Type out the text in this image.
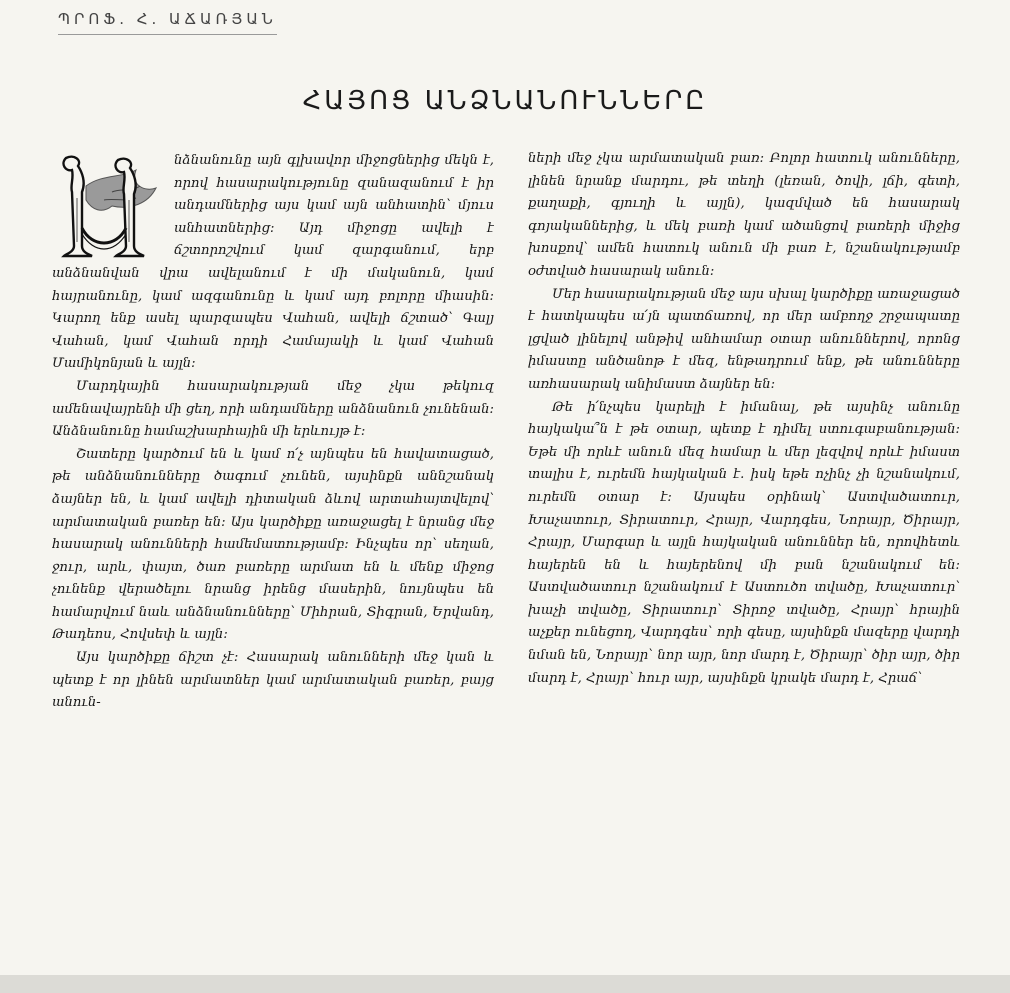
ՊՐՈՖ. Հ. ԱՃԱՌՅԱՆ
ՀԱՅՈՑ ԱՆՁՆԱՆՈՒՆՆԵՐԸ

նձնանունը այն գլխավոր միջոցներից մեկն է, որով հասարակությունը զանազանում է իր անդամներից այս կամ այն անհատին՝ մյուս անհատներից: Այդ միջոցը ավելի է ճշտորոշվում կամ զարգանում, երբ անձնանվան վրա ավելանում է մի մականուն, կամ հայրանունը, կամ ազգանունը և կամ այդ բոլորը միասին: Կարող ենք ասել պարզապես Վահան, ավելի ճշտած՝ Գալյ Վահան, կամ Վահան որդի Համայակի և կամ Վահան Մամիկոնյան և այլն:

Մարդկային հասարակության մեջ չկա թեկուզ ամենավայրենի մի ցեղ, որի անդամները անձնանուն չունենան: Անձնանունը համաշխարհային մի երևույթ է:

Շատերը կարծում են և կամ ո՛չ այնպես են հավատացած, թե անձնանունները ծագում չունեն, այսինքն աննշանակ ձայներ են, և կամ ավելի դիտական ձևով արտահայտվելով՝ արմատական բառեր են: Այս կարծիքը առաջացել է նրանց մեջ հասարակ անունների համեմատությամբ: Ինչպես որ՝ սեղան, ջուր, արև, փայտ, ծառ բառերը արմատ են և մենք միջոց չունենք վերածելու նրանց իրենց մասերին, նույնպես են համարվում նաև անձնանունները՝ Միհրան, Տիգրան, Երվանդ, Թադեոս, Հովսեփ և այլն:

Այս կարծիքը ճիշտ չէ: Հասարակ անունների մեջ կան և պետք է որ լինեն արմատներ կամ արմատական բառեր, բայց անուն-

ների մեջ չկա արմատական բառ: Բոլոր հատուկ անունները, լինեն նրանք մարդու, թե տեղի (լեռան, ծովի, լճի, գետի, քաղաքի, գյուղի և այլն), կազմված են հասարակ գոյականներից, և մեկ բառի կամ ածանցով բառերի միջից խոսքով՝ ամեն հատուկ անուն մի բառ է, նշանակությամբ օժտված հասարակ անուն:

Մեր հասարակության մեջ այս սխալ կարծիքը առաջացած է հատկապես ա՛յն պատճառով, որ մեր ամբողջ շրջապատը լցված լինելով անթիվ անհամար օտար անուններով, որոնց իմաստը անծանոթ է մեզ, ենթադրում ենք, թե անունները առհասարակ անիմաստ ձայներ են:

Թե ի՛նչպես կարելի է իմանալ, թե այսինչ անունը հայկակա՞ն է թե օտար, պետք է դիմել ստուգաբանության: Եթե մի որևէ անուն մեզ համար և մեր լեզվով որևէ իմաստ տալիս է, ուրեմն հայկական է. իսկ եթե ոչինչ չի նշանակում, ուրեմն օտար է: Այսպես օրինակ՝ Աստվածատուր, Խաչատուր, Տիրատուր, Հրայր, Վարդգես, Նորայր, Ծիրայր, Հրայր, Մարգար և այլն հայկական անուններ են, որովհետև հայերեն են և հայերենով մի բան նշանակում են: Աստվածատուր նշանակում է Աստուծո տվածը, Խաչատուր՝ խաչի տվածը, Տիրատուր՝ Տիրոջ տվածը, Հրայր՝ հրային աչքեր ունեցող, Վարդգես՝ որի գեսը, այսինքն մազերը վարդի նման են, Նորայր՝ նոր այր, նոր մարդ է, Ծիրայր՝ ծիր այր, ծիր մարդ է, Հրայր՝ հուր այր, այսինքն կրակե մարդ է, Հրաճ՝
